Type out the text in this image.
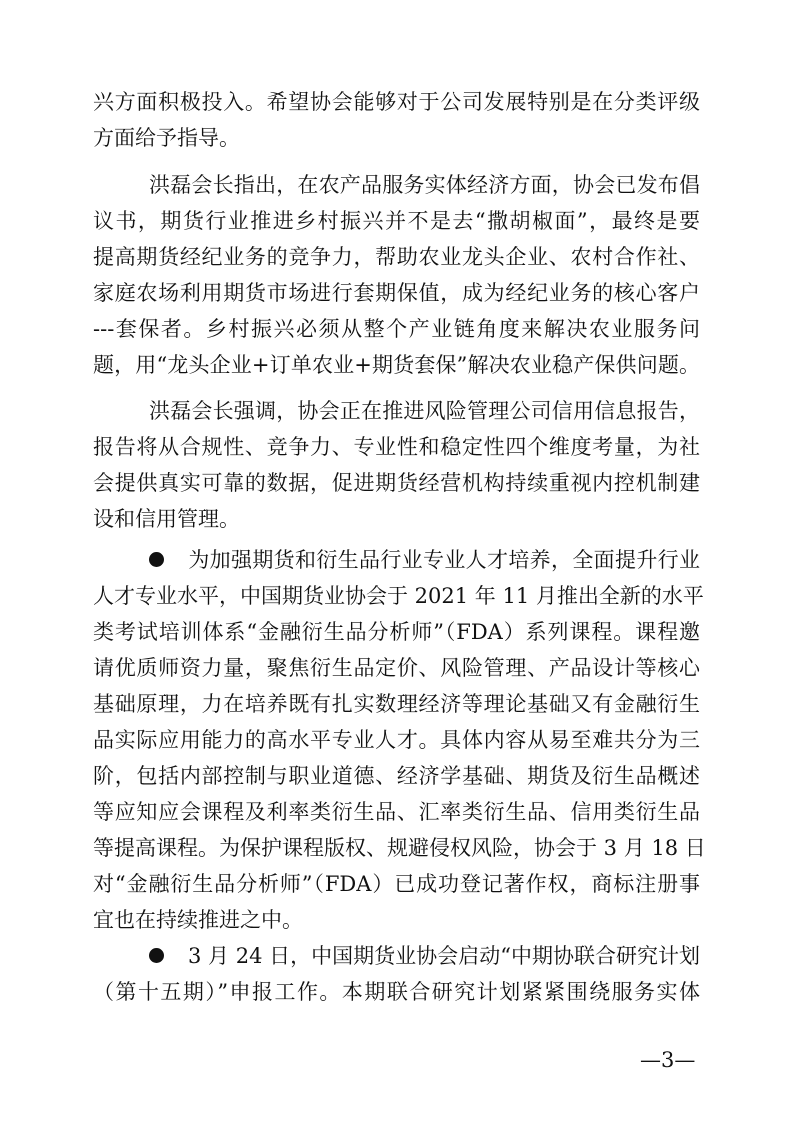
兴方面积极投入。希望协会能够对于公司发展特别是在分类评级
方面给予指导。
洪磊会长指出，在农产品服务实体经济方面，协会已发布倡
议书，期货行业推进乡村振兴并不是去“撒胡椒面”，最终是要
提高期货经纪业务的竞争力，帮助农业龙头企业、农村合作社、
家庭农场利用期货市场进行套期保值，成为经纪业务的核心客户
---套保者。乡村振兴必须从整个产业链角度来解决农业服务问
题，用“龙头企业+订单农业+期货套保”解决农业稳产保供问题。
洪磊会长强调，协会正在推进风险管理公司信用信息报告，
报告将从合规性、竞争力、专业性和稳定性四个维度考量，为社
会提供真实可靠的数据，促进期货经营机构持续重视内控机制建
设和信用管理。
为加强期货和衍生品行业专业人才培养，全面提升行业
人才专业水平，中国期货业协会于 2021 年 11 月推出全新的水平
类考试培训体系“金融衍生品分析师”（FDA）系列课程。课程邀
请优质师资力量，聚焦衍生品定价、风险管理、产品设计等核心
基础原理，力在培养既有扎实数理经济等理论基础又有金融衍生
品实际应用能力的高水平专业人才。具体内容从易至难共分为三
阶，包括内部控制与职业道德、经济学基础、期货及衍生品概述
等应知应会课程及利率类衍生品、汇率类衍生品、信用类衍生品
等提高课程。为保护课程版权、规避侵权风险，协会于 3 月 18 日
对“金融衍生品分析师”（FDA）已成功登记著作权，商标注册事
宜也在持续推进之中。
3 月 24 日，中国期货业协会启动“中期协联合研究计划
（第十五期）”申报工作。本期联合研究计划紧紧围绕服务实体
—3—
